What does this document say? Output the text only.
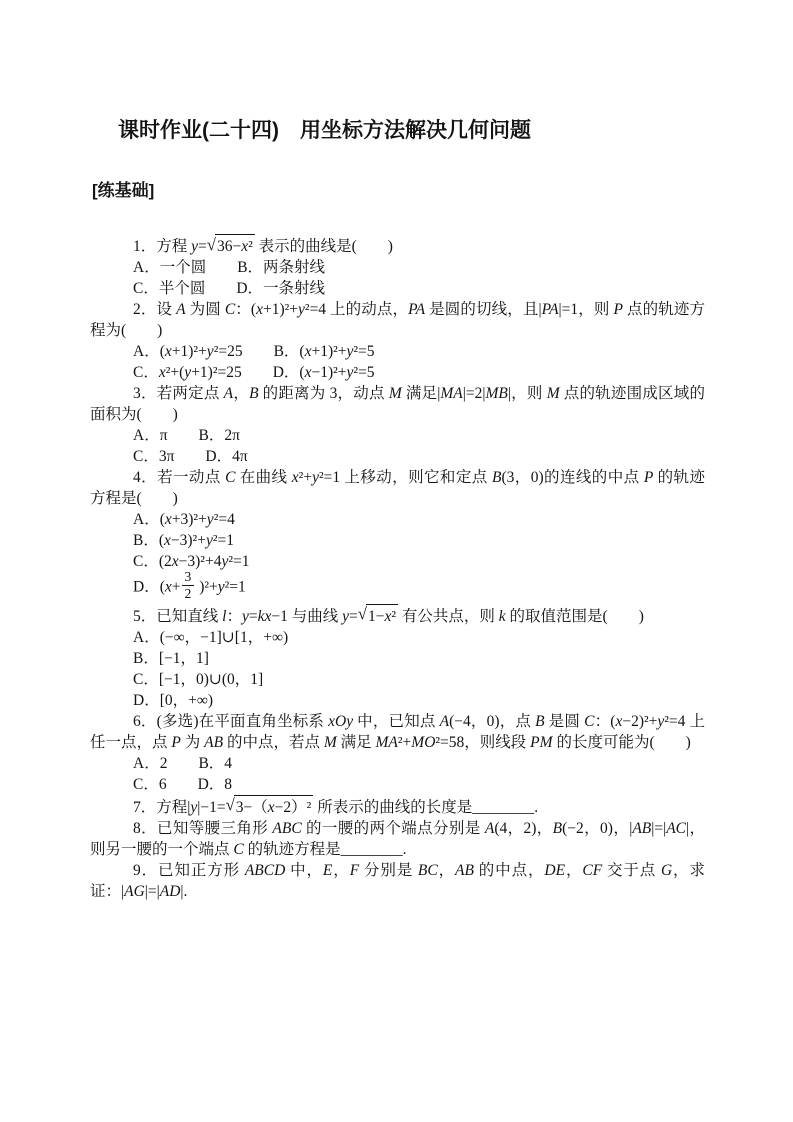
课时作业(二十四)　用坐标方法解决几何问题
[练基础]

1．方程 y=√36−x² 表示的曲线是(　　)

A．一个圆　　B．两条射线

C．半个圆　　D．一条射线

2．设 A 为圆 C：(x+1)²+y²=4 上的动点，PA 是圆的切线，且|PA|=1，则 P 点的轨迹方程为(　　)

A．(x+1)²+y²=25　　B．(x+1)²+y²=5

C．x²+(y+1)²=25　　D．(x−1)²+y²=5

3．若两定点 A，B 的距离为 3，动点 M 满足|MA|=2|MB|，则 M 点的轨迹围成区域的面积为(　　)

A．π　　B．2π

C．3π　　D．4π

4．若一动点 C 在曲线 x²+y²=1 上移动，则它和定点 B(3，0)的连线的中点 P 的轨迹方程是(　　)

A．(x+3)²+y²=4

B．(x−3)²+y²=1

C．(2x−3)²+4y²=1

D．$(x+ \frac{3}{2} )^2+y^2=1$

5．已知直线 l：y=kx−1 与曲线 y=√1−x² 有公共点，则 k 的取值范围是(　　)

A．(−∞，−1]∪[1，+∞)

B．[−1，1]

C．[−1，0)∪(0，1]

D．[0，+∞)

6．(多选)在平面直角坐标系 xOy 中，已知点 A(−4，0)，点 B 是圆 C：(x−2)²+y²=4 上任一点，点 P 为 AB 的中点，若点 M 满足 MA²+MO²=58，则线段 PM 的长度可能为(　　)

A．2　　B．4

C．6　　D．8

7．方程|y|−1=√3−（x−2）² 所表示的曲线的长度是________.

8．已知等腰三角形 ABC 的一腰的两个端点分别是 A(4，2)，B(−2，0)，|AB|=|AC|，则另一腰的一个端点 C 的轨迹方程是________.

9．已知正方形 ABCD 中，E，F 分别是 BC，AB 的中点，DE，CF 交于点 G，求证：|AG|=|AD|.
